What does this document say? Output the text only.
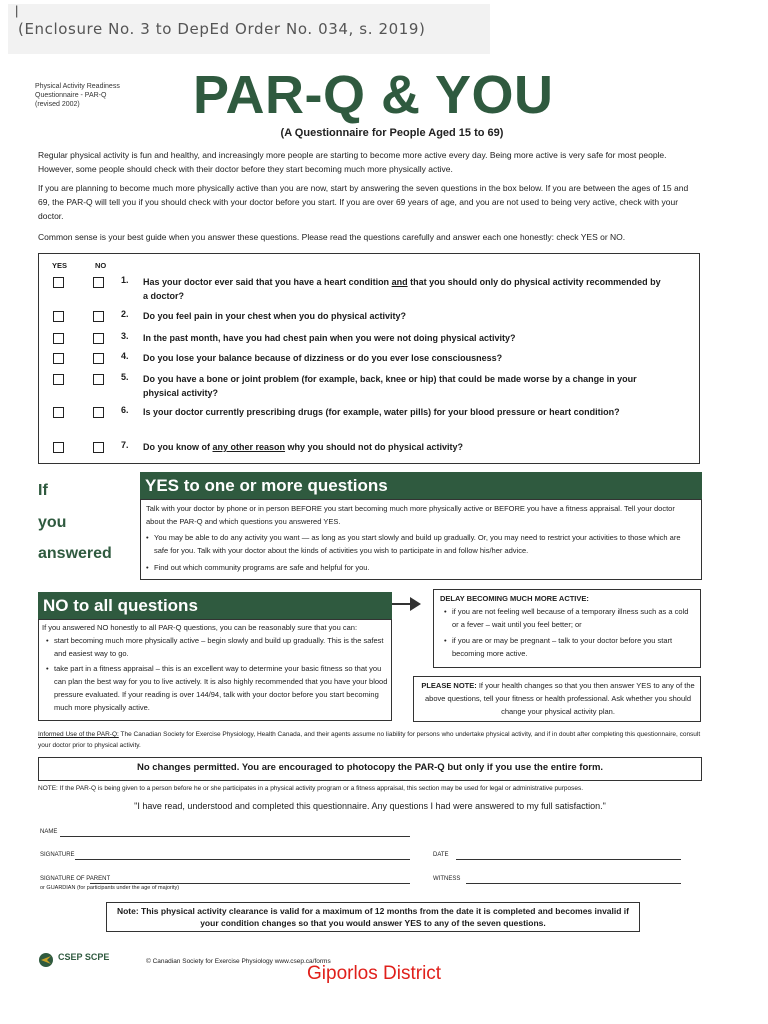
|
(Enclosure No. 3 to DepEd Order No. 034, s. 2019)
Physical Activity Readiness
Questionnaire - PAR-Q
(revised 2002)	PAR-Q & YOU
(A Questionnaire for People Aged 15 to 69)
Regular physical activity is fun and healthy, and increasingly more people are starting to become more active every day. Being more active is very safe for most people. However, some people should check with their doctor before they start becoming much more physically active.
If you are planning to become much more physically active than you are now, start by answering the seven questions in the box below. If you are between the ages of 15 and 69, the PAR-Q will tell you if you should check with your doctor before you start. If you are over 69 years of age, and you are not used to being very active, check with your doctor.
Common sense is your best guide when you answer these questions. Please read the questions carefully and answer each one honestly: check YES or NO.
YES	NO
1. Has your doctor ever said that you have a heart condition and that you should only do physical activity recommended by a doctor?
2. Do you feel pain in your chest when you do physical activity?
3. In the past month, have you had chest pain when you were not doing physical activity?
4. Do you lose your balance because of dizziness or do you ever lose consciousness?
5. Do you have a bone or joint problem (for example, back, knee or hip) that could be made worse by a change in your physical activity?
6. Is your doctor currently prescribing drugs (for example, water pills) for your blood pressure or heart condition?
7. Do you know of any other reason why you should not do physical activity?
If
you
answered
YES to one or more questions
Talk with your doctor by phone or in person BEFORE you start becoming much more physically active or BEFORE you have a fitness appraisal. Tell your doctor about the PAR-Q and which questions you answered YES.
• You may be able to do any activity you want — as long as you start slowly and build up gradually. Or, you may need to restrict your activities to those which are safe for you. Talk with your doctor about the kinds of activities you wish to participate in and follow his/her advice.
• Find out which community programs are safe and helpful for you.
NO to all questions
If you answered NO honestly to all PAR-Q questions, you can be reasonably sure that you can:
• start becoming much more physically active – begin slowly and build up gradually. This is the safest and easiest way to go.
• take part in a fitness appraisal – this is an excellent way to determine your basic fitness so that you can plan the best way for you to live actively. It is also highly recommended that you have your blood pressure evaluated. If your reading is over 144/94, talk with your doctor before you start becoming much more physically active.
DELAY BECOMING MUCH MORE ACTIVE:
• if you are not feeling well because of a temporary illness such as a cold or a fever – wait until you feel better; or
• if you are or may be pregnant – talk to your doctor before you start becoming more active.
PLEASE NOTE: If your health changes so that you then answer YES to any of the above questions, tell your fitness or health professional. Ask whether you should change your physical activity plan.
Informed Use of the PAR-Q: The Canadian Society for Exercise Physiology, Health Canada, and their agents assume no liability for persons who undertake physical activity, and if in doubt after completing this questionnaire, consult your doctor prior to physical activity.
No changes permitted. You are encouraged to photocopy the PAR-Q but only if you use the entire form.
NOTE: If the PAR-Q is being given to a person before he or she participates in a physical activity program or a fitness appraisal, this section may be used for legal or administrative purposes.
"I have read, understood and completed this questionnaire. Any questions I had were answered to my full satisfaction."
NAME
SIGNATURE	DATE
SIGNATURE OF PARENT
or GUARDIAN (for participants under the age of majority)
WITNESS
Note: This physical activity clearance is valid for a maximum of 12 months from the date it is completed and becomes invalid if your condition changes so that you would answer YES to any of the seven questions.
CSEP SCPE	© Canadian Society for Exercise Physiology www.csep.ca/forms
Giporlos District
